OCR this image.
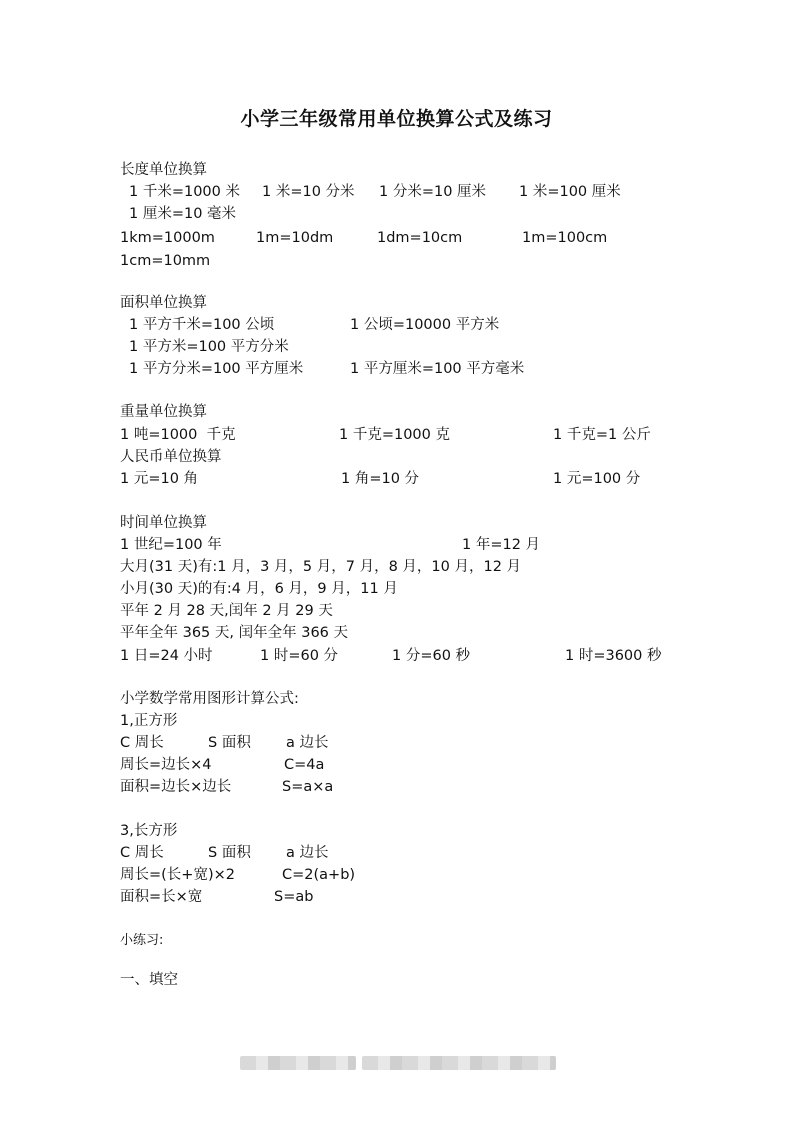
小学三年级常用单位换算公式及练习
长度单位换算
1 千米=1000 米 1 米=10 分米 1 分米=10 厘米 1 米=100 厘米
1 厘米=10 毫米
1km=1000m	1m=10dm	1dm=10cm	1m=100cm
1cm=10mm
面积单位换算
1 平方千米=100 公顷	1 公顷=10000 平方米
1 平方米=100 平方分米
1 平方分米=100 平方厘米	1 平方厘米=100 平方毫米
重量单位换算
1 吨=1000  千克	1 千克=1000 克	1 千克=1 公斤
人民币单位换算
1 元=10 角	1 角=10 分	1 元=100 分
时间单位换算
1 世纪=100 年	1 年=12 月
大月(31 天)有:1 月，3 月，5 月，7 月，8 月，10 月，12 月
小月(30 天)的有:4 月，6 月，9 月，11 月
平年 2 月 28 天,闰年 2 月 29 天
平年全年 365 天, 闰年全年 366 天
1 日=24 小时	1 时=60 分	1 分=60 秒	1 时=3600 秒
小学数学常用图形计算公式:
1,正方形
C 周长	S 面积 a 边长
周长=边长×4	C=4a
面积=边长×边长	S=a×a
3,长方形
C 周长	S 面积 a 边长
周长=(长+宽)×2	C=2(a+b)
面积=长×宽	S=ab
小练习:
一、填空
